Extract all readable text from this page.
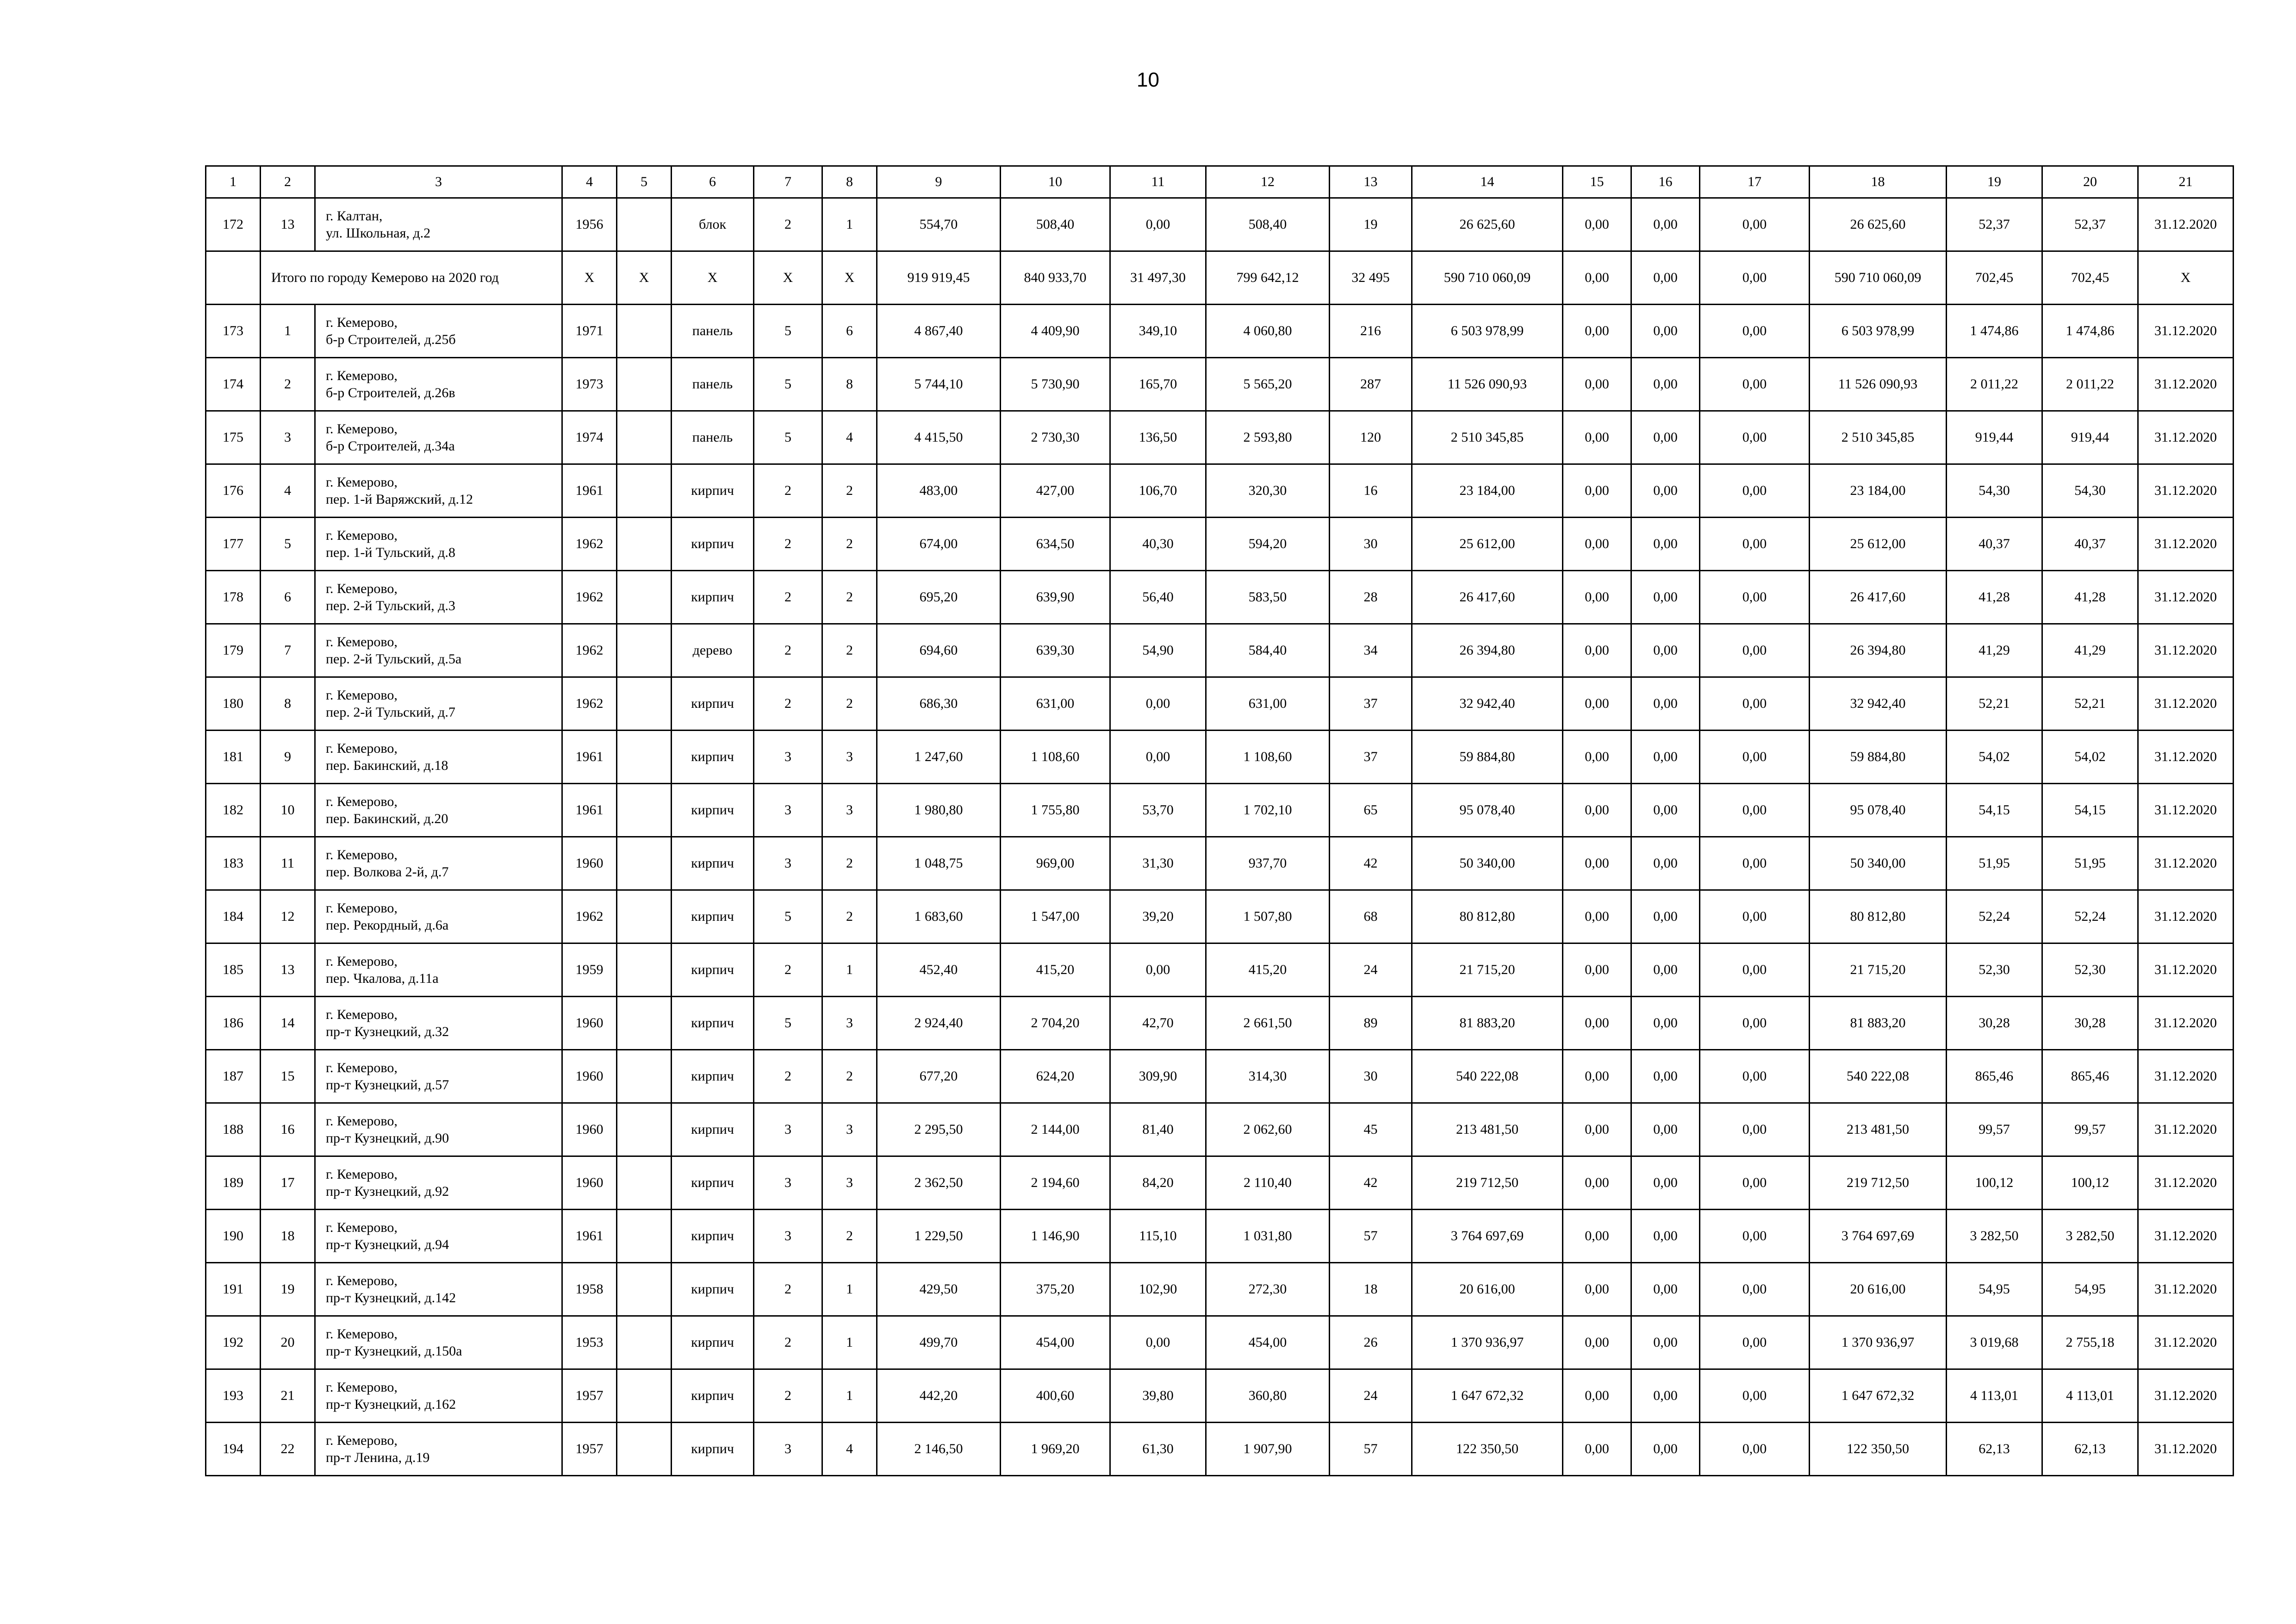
10
1	2	3	4	5	6	7	8	9	10	11	12	13	14	15	16	17	18	19	20	21
172	13	г. Калтан,
ул. Школьная, д.2	1956		блок	2	1	554,70	508,40	0,00	508,40	19	26 625,60	0,00	0,00	0,00	26 625,60	52,37	52,37	31.12.2020
	Итого по городу Кемерово на 2020 год		X	X	X	X	X	919 919,45	840 933,70	31 497,30	799 642,12	32 495	590 710 060,09	0,00	0,00	0,00	590 710 060,09	702,45	702,45	X
173	1	г. Кемерово,
б-р Строителей, д.25б	1971		панель	5	6	4 867,40	4 409,90	349,10	4 060,80	216	6 503 978,99	0,00	0,00	0,00	6 503 978,99	1 474,86	1 474,86	31.12.2020
174	2	г. Кемерово,
б-р Строителей, д.26в	1973		панель	5	8	5 744,10	5 730,90	165,70	5 565,20	287	11 526 090,93	0,00	0,00	0,00	11 526 090,93	2 011,22	2 011,22	31.12.2020
175	3	г. Кемерово,
б-р Строителей, д.34а	1974		панель	5	4	4 415,50	2 730,30	136,50	2 593,80	120	2 510 345,85	0,00	0,00	0,00	2 510 345,85	919,44	919,44	31.12.2020
176	4	г. Кемерово,
пер. 1-й Варяжский, д.12	1961		кирпич	2	2	483,00	427,00	106,70	320,30	16	23 184,00	0,00	0,00	0,00	23 184,00	54,30	54,30	31.12.2020
177	5	г. Кемерово,
пер. 1-й Тульский, д.8	1962		кирпич	2	2	674,00	634,50	40,30	594,20	30	25 612,00	0,00	0,00	0,00	25 612,00	40,37	40,37	31.12.2020
178	6	г. Кемерово,
пер. 2-й Тульский, д.3	1962		кирпич	2	2	695,20	639,90	56,40	583,50	28	26 417,60	0,00	0,00	0,00	26 417,60	41,28	41,28	31.12.2020
179	7	г. Кемерово,
пер. 2-й Тульский, д.5а	1962		дерево	2	2	694,60	639,30	54,90	584,40	34	26 394,80	0,00	0,00	0,00	26 394,80	41,29	41,29	31.12.2020
180	8	г. Кемерово,
пер. 2-й Тульский, д.7	1962		кирпич	2	2	686,30	631,00	0,00	631,00	37	32 942,40	0,00	0,00	0,00	32 942,40	52,21	52,21	31.12.2020
181	9	г. Кемерово,
пер. Бакинский, д.18	1961		кирпич	3	3	1 247,60	1 108,60	0,00	1 108,60	37	59 884,80	0,00	0,00	0,00	59 884,80	54,02	54,02	31.12.2020
182	10	г. Кемерово,
пер. Бакинский, д.20	1961		кирпич	3	3	1 980,80	1 755,80	53,70	1 702,10	65	95 078,40	0,00	0,00	0,00	95 078,40	54,15	54,15	31.12.2020
183	11	г. Кемерово,
пер. Волкова 2-й, д.7	1960		кирпич	3	2	1 048,75	969,00	31,30	937,70	42	50 340,00	0,00	0,00	0,00	50 340,00	51,95	51,95	31.12.2020
184	12	г. Кемерово,
пер. Рекордный, д.6а	1962		кирпич	5	2	1 683,60	1 547,00	39,20	1 507,80	68	80 812,80	0,00	0,00	0,00	80 812,80	52,24	52,24	31.12.2020
185	13	г. Кемерово,
пер. Чкалова, д.11а	1959		кирпич	2	1	452,40	415,20	0,00	415,20	24	21 715,20	0,00	0,00	0,00	21 715,20	52,30	52,30	31.12.2020
186	14	г. Кемерово,
пр-т Кузнецкий, д.32	1960		кирпич	5	3	2 924,40	2 704,20	42,70	2 661,50	89	81 883,20	0,00	0,00	0,00	81 883,20	30,28	30,28	31.12.2020
187	15	г. Кемерово,
пр-т Кузнецкий, д.57	1960		кирпич	2	2	677,20	624,20	309,90	314,30	30	540 222,08	0,00	0,00	0,00	540 222,08	865,46	865,46	31.12.2020
188	16	г. Кемерово,
пр-т Кузнецкий, д.90	1960		кирпич	3	3	2 295,50	2 144,00	81,40	2 062,60	45	213 481,50	0,00	0,00	0,00	213 481,50	99,57	99,57	31.12.2020
189	17	г. Кемерово,
пр-т Кузнецкий, д.92	1960		кирпич	3	3	2 362,50	2 194,60	84,20	2 110,40	42	219 712,50	0,00	0,00	0,00	219 712,50	100,12	100,12	31.12.2020
190	18	г. Кемерово,
пр-т Кузнецкий, д.94	1961		кирпич	3	2	1 229,50	1 146,90	115,10	1 031,80	57	3 764 697,69	0,00	0,00	0,00	3 764 697,69	3 282,50	3 282,50	31.12.2020
191	19	г. Кемерово,
пр-т Кузнецкий, д.142	1958		кирпич	2	1	429,50	375,20	102,90	272,30	18	20 616,00	0,00	0,00	0,00	20 616,00	54,95	54,95	31.12.2020
192	20	г. Кемерово,
пр-т Кузнецкий, д.150а	1953		кирпич	2	1	499,70	454,00	0,00	454,00	26	1 370 936,97	0,00	0,00	0,00	1 370 936,97	3 019,68	2 755,18	31.12.2020
193	21	г. Кемерово,
пр-т Кузнецкий, д.162	1957		кирпич	2	1	442,20	400,60	39,80	360,80	24	1 647 672,32	0,00	0,00	0,00	1 647 672,32	4 113,01	4 113,01	31.12.2020
194	22	г. Кемерово,
пр-т Ленина, д.19	1957		кирпич	3	4	2 146,50	1 969,20	61,30	1 907,90	57	122 350,50	0,00	0,00	0,00	122 350,50	62,13	62,13	31.12.2020
